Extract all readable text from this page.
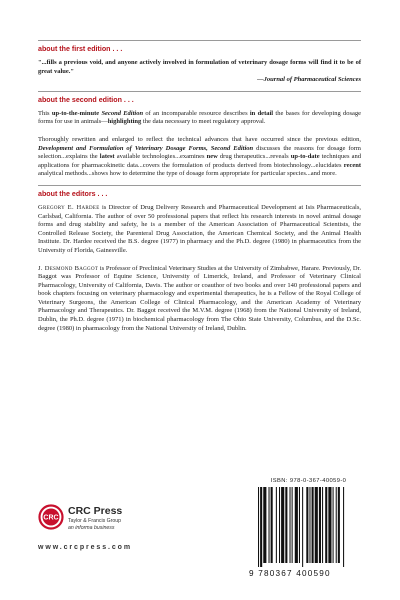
about the first edition . . .

"...fills a previous void, and anyone actively involved in formulation of veterinary dosage forms will find it to be of great value."

—Journal of Pharmaceutical Sciences

about the second edition . . .

This up-to-the-minute Second Edition of an incomparable resource describes in detail the bases for developing dosage forms for use in animals—highlighting the data necessary to meet regulatory approval.

Thoroughly rewritten and enlarged to reflect the technical advances that have occurred since the previous edition, Development and Formulation of Veterinary Dosage Forms, Second Edition discusses the reasons for dosage form selection...explains the latest available technologies...examines new drug therapeutics...reveals up-to-date techniques and applications for pharmacokinetic data...covers the formulation of products derived from biotechnology...elucidates recent analytical methods...shows how to determine the type of dosage form appropriate for particular species...and more.

about the editors . . .

Gregory E. Hardee is Director of Drug Delivery Research and Pharmaceutical Development at Isis Pharmaceuticals, Carlsbad, California. The author of over 50 professional papers that reflect his research interests in novel animal dosage forms and drug stability and safety, he is a member of the American Association of Pharmaceutical Scientists, the Controlled Release Society, the Parenteral Drug Association, the American Chemical Society, and the Animal Health Institute. Dr. Hardee received the B.S. degree (1977) in pharmacy and the Ph.D. degree (1980) in pharmaceutics from the University of Florida, Gainesville.

J. Desmond Baggot is Professor of Preclinical Veterinary Studies at the University of Zimbabwe, Harare. Previously, Dr. Baggot was Professor of Equine Science, University of Limerick, Ireland, and Professor of Veterinary Clinical Pharmacology, University of California, Davis. The author or coauthor of two books and over 140 professional papers and book chapters focusing on veterinary pharmacology and experimental therapeutics, he is a Fellow of the Royal College of Veterinary Surgeons, the American College of Clinical Pharmacology, and the American Academy of Veterinary Pharmacology and Therapeutics. Dr. Baggot received the M.V.M. degree (1968) from the National University of Ireland, Dublin, the Ph.D. degree (1971) in biochemical pharmacology from The Ohio State University, Columbus, and the D.Sc. degree (1980) in pharmacology from the National University of Ireland, Dublin.

CRC
CRC Press
Taylor & Francis Group
an informa business
www.crcpress.com
ISBN: 978-0-367-40059-0
9 780367 400590
